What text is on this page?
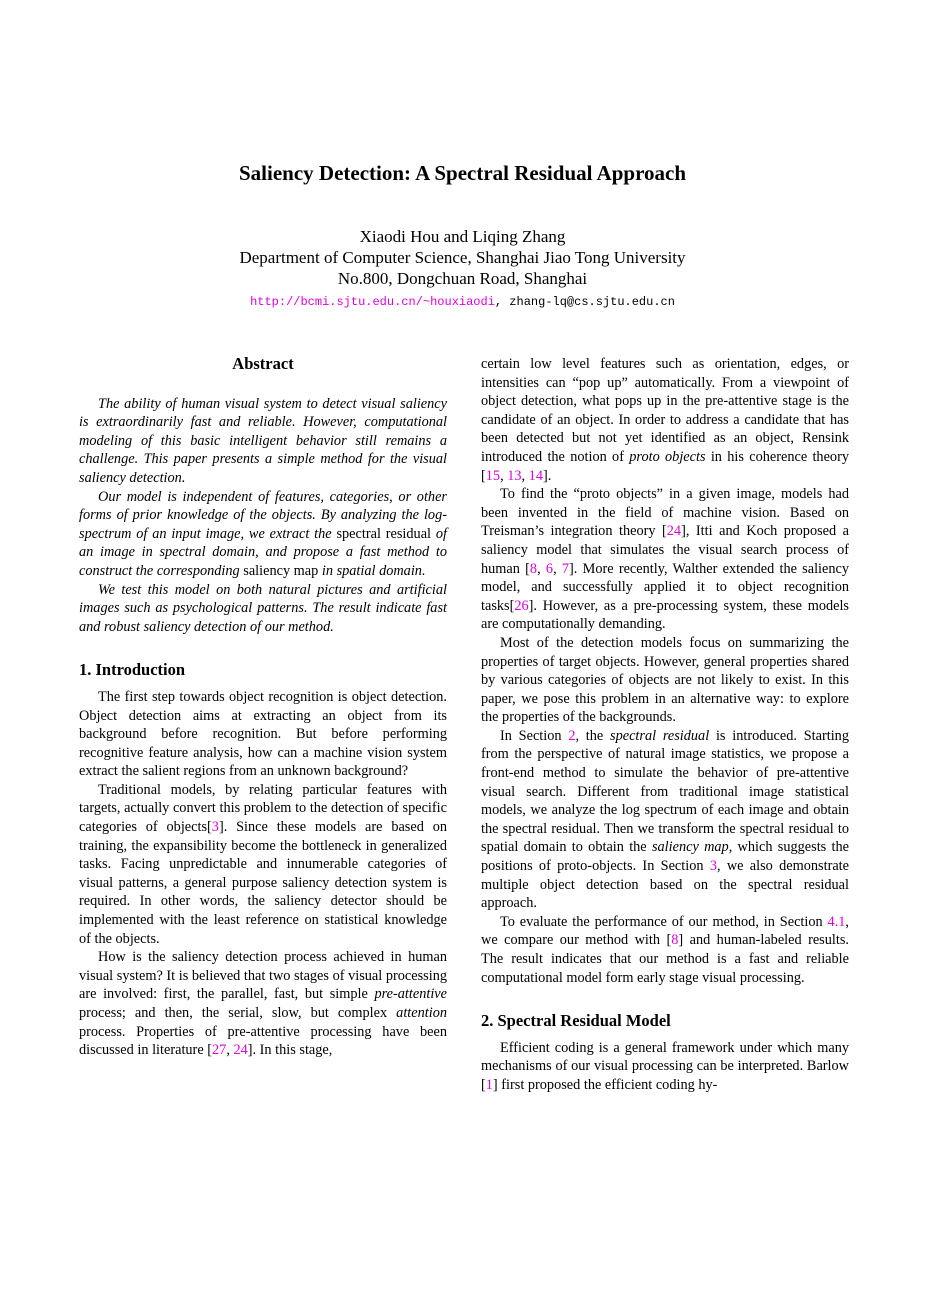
Saliency Detection: A Spectral Residual Approach
Xiaodi Hou and Liqing Zhang
Department of Computer Science, Shanghai Jiao Tong University
No.800, Dongchuan Road, Shanghai
http://bcmi.sjtu.edu.cn/~houxiaodi, zhang-lq@cs.sjtu.edu.cn
Abstract

The ability of human visual system to detect visual saliency is extraordinarily fast and reliable. However, computational modeling of this basic intelligent behavior still remains a challenge. This paper presents a simple method for the visual saliency detection.

Our model is independent of features, categories, or other forms of prior knowledge of the objects. By analyzing the log-spectrum of an input image, we extract the spectral residual of an image in spectral domain, and propose a fast method to construct the corresponding saliency map in spatial domain.

We test this model on both natural pictures and artificial images such as psychological patterns. The result indicate fast and robust saliency detection of our method.

1. Introduction

The first step towards object recognition is object detection. Object detection aims at extracting an object from its background before recognition. But before performing recognitive feature analysis, how can a machine vision system extract the salient regions from an unknown background?

Traditional models, by relating particular features with targets, actually convert this problem to the detection of specific categories of objects[3]. Since these models are based on training, the expansibility become the bottleneck in generalized tasks. Facing unpredictable and innumerable categories of visual patterns, a general purpose saliency detection system is required. In other words, the saliency detector should be implemented with the least reference on statistical knowledge of the objects.

How is the saliency detection process achieved in human visual system? It is believed that two stages of visual processing are involved: first, the parallel, fast, but simple pre-attentive process; and then, the serial, slow, but complex attention process. Properties of pre-attentive processing have been discussed in literature [27, 24]. In this stage,

certain low level features such as orientation, edges, or intensities can “pop up” automatically. From a viewpoint of object detection, what pops up in the pre-attentive stage is the candidate of an object. In order to address a candidate that has been detected but not yet identified as an object, Rensink introduced the notion of proto objects in his coherence theory [15, 13, 14].

To find the “proto objects” in a given image, models had been invented in the field of machine vision. Based on Treisman’s integration theory [24], Itti and Koch proposed a saliency model that simulates the visual search process of human [8, 6, 7]. More recently, Walther extended the saliency model, and successfully applied it to object recognition tasks[26]. However, as a pre-processing system, these models are computationally demanding.

Most of the detection models focus on summarizing the properties of target objects. However, general properties shared by various categories of objects are not likely to exist. In this paper, we pose this problem in an alternative way: to explore the properties of the backgrounds.

In Section 2, the spectral residual is introduced. Starting from the perspective of natural image statistics, we propose a front-end method to simulate the behavior of pre-attentive visual search. Different from traditional image statistical models, we analyze the log spectrum of each image and obtain the spectral residual. Then we transform the spectral residual to spatial domain to obtain the saliency map, which suggests the positions of proto-objects. In Section 3, we also demonstrate multiple object detection based on the spectral residual approach.

To evaluate the performance of our method, in Section 4.1, we compare our method with [8] and human-labeled results. The result indicates that our method is a fast and reliable computational model form early stage visual processing.

2. Spectral Residual Model

Efficient coding is a general framework under which many mechanisms of our visual processing can be interpreted. Barlow [1] first proposed the efficient coding hy-
